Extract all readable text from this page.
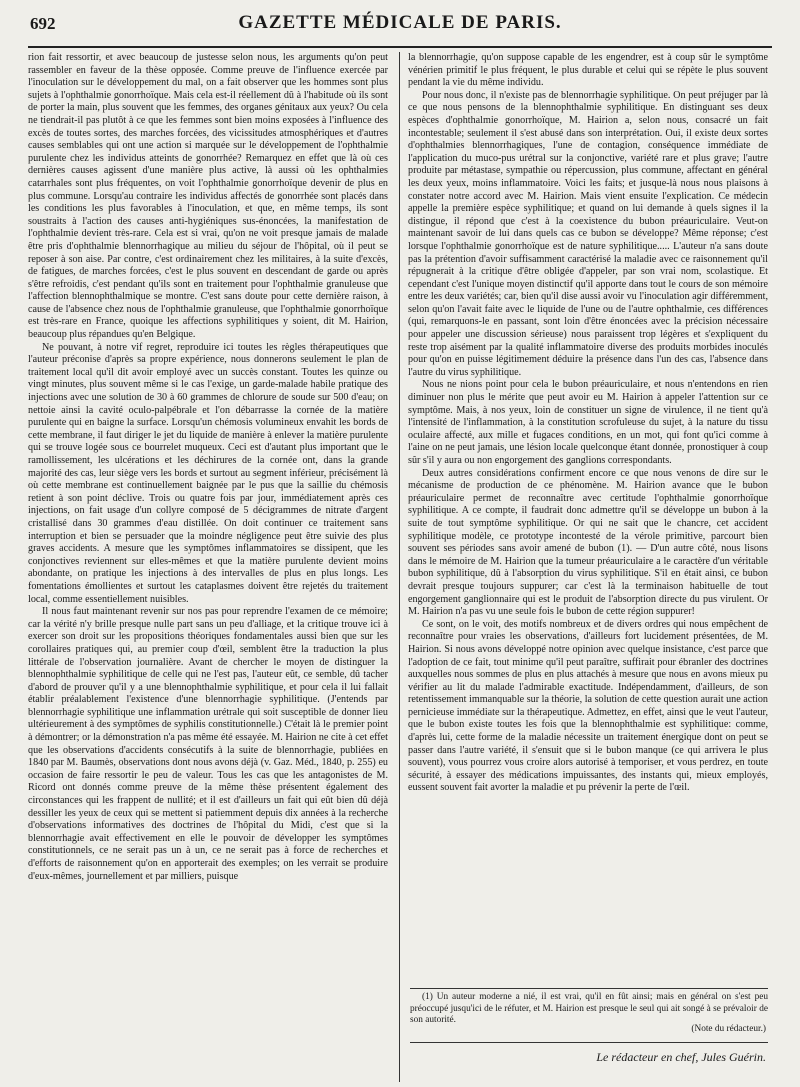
692	GAZETTE MÉDICALE DE PARIS.

rion fait ressortir, et avec beaucoup de justesse selon nous, les arguments qu'on peut rassembler en faveur de la thèse opposée. Comme preuve de l'influence exercée par l'inoculation sur le développement du mal, on a fait observer que les hommes sont plus sujets à l'ophthalmie gonorrhoïque. Mais cela est-il réellement dû à l'habitude où ils sont de porter la main, plus souvent que les femmes, des organes génitaux aux yeux? Ou cela ne tiendrait-il pas plutôt à ce que les femmes sont bien moins exposées à l'influence des excès de toutes sortes, des marches forcées, des vicissitudes atmosphériques et d'autres causes semblables qui ont une action si marquée sur le développement de l'ophthalmie purulente chez les individus atteints de gonorrhée? Remarquez en effet que là où ces dernières causes agissent d'une manière plus active, là aussi où les ophthalmies catarrhales sont plus fréquentes, on voit l'ophthalmie gonorrhoïque devenir de plus en plus commune. Lorsqu'au contraire les individus affectés de gonorrhée sont placés dans les conditions les plus favorables à l'inoculation, et que, en même temps, ils sont soustraits à l'action des causes anti-hygiéniques sus-énoncées, la manifestation de l'ophthalmie devient très-rare. Cela est si vrai, qu'on ne voit presque jamais de malade être pris d'ophthalmie blennorrhagique au milieu du séjour de l'hôpital, où il peut se reposer à son aise. Par contre, c'est ordinairement chez les militaires, à la suite d'excès, de fatigues, de marches forcées, c'est le plus souvent en descendant de garde ou après s'être refroidis, c'est pendant qu'ils sont en traitement pour l'ophthalmie granuleuse que l'affection blennophthalmique se montre. C'est sans doute pour cette dernière raison, à cause de l'absence chez nous de l'ophthalmie granuleuse, que l'ophthalmie gonorrhoïque est très-rare en France, quoique les affections syphilitiques y soient, dit M. Hairion, beaucoup plus répandues qu'en Belgique.

Ne pouvant, à notre vif regret, reproduire ici toutes les règles thérapeutiques que l'auteur préconise d'après sa propre expérience, nous donnerons seulement le plan de traitement local qu'il dit avoir employé avec un succès constant. Toutes les quinze ou vingt minutes, plus souvent même si le cas l'exige, un garde-malade habile pratique des injections avec une solution de 30 à 60 grammes de chlorure de soude sur 500 d'eau; on nettoie ainsi la cavité oculo-palpébrale et l'on débarrasse la cornée de la matière purulente qui en baigne la surface. Lorsqu'un chémosis volumineux envahit les bords de cette membrane, il faut diriger le jet du liquide de manière à enlever la matière purulente qui se trouve logée sous ce bourrelet muqueux. Ceci est d'autant plus important que le ramollissement, les ulcérations et les déchirures de la cornée ont, dans la grande majorité des cas, leur siège vers les bords et surtout au segment inférieur, précisément là où cette membrane est continuellement baignée par le pus que la saillie du chémosis retient à son point déclive. Trois ou quatre fois par jour, immédiatement après ces injections, on fait usage d'un collyre composé de 5 décigrammes de nitrate d'argent cristallisé dans 30 grammes d'eau distillée. On doit continuer ce traitement sans interruption et bien se persuader que la moindre négligence peut être suivie des plus graves accidents. A mesure que les symptômes inflammatoires se dissipent, que les conjonctives reviennent sur elles-mêmes et que la matière purulente devient moins abondante, on pratique les injections à des intervalles de plus en plus longs. Les fomentations émollientes et surtout les cataplasmes doivent être rejetés du traitement local, comme essentiellement nuisibles.

Il nous faut maintenant revenir sur nos pas pour reprendre l'examen de ce mémoire; car la vérité n'y brille presque nulle part sans un peu d'alliage, et la critique trouve ici à exercer son droit sur les propositions théoriques fondamentales aussi bien que sur les corollaires pratiques qui, au premier coup d'œil, semblent être la traduction la plus littérale de l'observation journalière. Avant de chercher le moyen de distinguer la blennophthalmie syphilitique de celle qui ne l'est pas, l'auteur eût, ce semble, dû tacher d'abord de prouver qu'il y a une blennophthalmie syphilitique, et pour cela il lui fallait établir préalablement l'existence d'une blennorrhagie syphilitique. (J'entends par blennorrhagie syphilitique une inflammation urétrale qui soit susceptible de donner lieu ultérieurement à des symptômes de syphilis constitutionnelle.) C'était là le premier point à démontrer; or la démonstration n'a pas même été essayée. M. Hairion ne cite à cet effet que les observations d'accidents consécutifs à la suite de blennorrhagie, publiées en 1840 par M. Baumès, observations dont nous avons déjà (v. Gaz. Méd., 1840, p. 255) eu occasion de faire ressortir le peu de valeur. Tous les cas que les antagonistes de M. Ricord ont donnés comme preuve de la même thèse présentent également des circonstances qui les frappent de nullité; et il est d'ailleurs un fait qui eût bien dû déjà dessiller les yeux de ceux qui se mettent si patiemment depuis dix années à la recherche d'observations informatives des doctrines de l'hôpital du Midi, c'est que si la blennorrhagie avait effectivement en elle le pouvoir de développer les symptômes constitutionnels, ce ne serait pas un à un, ce ne serait pas à force de recherches et d'efforts de raisonnement qu'on en apporterait des exemples; on les verrait se produire d'eux-mêmes, journellement et par milliers, puisque

la blennorrhagie, qu'on suppose capable de les engendrer, est à coup sûr le symptôme vénérien primitif le plus fréquent, le plus durable et celui qui se répète le plus souvent pendant la vie du même individu.

Pour nous donc, il n'existe pas de blennorrhagie syphilitique. On peut préjuger par là ce que nous pensons de la blennophthalmie syphilitique. En distinguant ses deux espèces d'ophthalmie gonorrhoïque, M. Hairion a, selon nous, consacré un fait incontestable; seulement il s'est abusé dans son interprétation. Oui, il existe deux sortes d'ophthalmies blennorrhagiques, l'une de contagion, conséquence immédiate de l'application du muco-pus urétral sur la conjonctive, variété rare et plus grave; l'autre produite par métastase, sympathie ou répercussion, plus commune, affectant en général les deux yeux, moins inflammatoire. Voici les faits; et jusque-là nous nous plaisons à constater notre accord avec M. Hairion. Mais vient ensuite l'explication. Ce médecin appelle la première espèce syphilitique; et quand on lui demande à quels signes il la distingue, il répond que c'est à la coexistence du bubon préauriculaire. Veut-on maintenant savoir de lui dans quels cas ce bubon se développe? Même réponse; c'est lorsque l'ophthalmie gonorrhoïque est de nature syphilitique..... L'auteur n'a sans doute pas la prétention d'avoir suffisamment caractérisé la maladie avec ce raisonnement qu'il répugnerait à la critique d'être obligée d'appeler, par son vrai nom, scolastique. Et cependant c'est l'unique moyen distinctif qu'il apporte dans tout le cours de son mémoire entre les deux variétés; car, bien qu'il dise aussi avoir vu l'inoculation agir différemment, selon qu'on l'avait faite avec le liquide de l'une ou de l'autre ophthalmie, ces différences (qui, remarquons-le en passant, sont loin d'être énoncées avec la précision nécessaire pour appeler une discussion sérieuse) nous paraissent trop légères et s'expliquent du reste trop aisément par la qualité inflammatoire diverse des produits morbides inoculés pour qu'on en puisse légitimement déduire la présence dans l'un des cas, l'absence dans l'autre du virus syphilitique.

Nous ne nions point pour cela le bubon préauriculaire, et nous n'entendons en rien diminuer non plus le mérite que peut avoir eu M. Hairion à appeler l'attention sur ce symptôme. Mais, à nos yeux, loin de constituer un signe de virulence, il ne tient qu'à l'intensité de l'inflammation, à la constitution scrofuleuse du sujet, à la nature du tissu oculaire affecté, aux mille et fugaces conditions, en un mot, qui font qu'ici comme à l'aine on ne peut jamais, une lésion locale quelconque étant donnée, pronostiquer à coup sûr s'il y aura ou non engorgement des ganglions correspondants.

Deux autres considérations confirment encore ce que nous venons de dire sur le mécanisme de production de ce phénomène. M. Hairion avance que le bubon préauriculaire permet de reconnaître avec certitude l'ophthalmie gonorrhoïque syphilitique. A ce compte, il faudrait donc admettre qu'il se développe un bubon à la suite de tout symptôme syphilitique. Or qui ne sait que le chancre, cet accident syphilitique modèle, ce prototype incontesté de la vérole primitive, parcourt bien souvent ses périodes sans avoir amené de bubon (1). — D'un autre côté, nous lisons dans le mémoire de M. Hairion que la tumeur préauriculaire a le caractère d'un véritable bubon syphilitique, dû à l'absorption du virus syphilitique. S'il en était ainsi, ce bubon devrait presque toujours suppurer; car c'est là la terminaison habituelle de tout engorgement ganglionnaire qui est le produit de l'absorption directe du pus virulent. Or M. Hairion n'a pas vu une seule fois le bubon de cette région suppurer!

Ce sont, on le voit, des motifs nombreux et de divers ordres qui nous empêchent de reconnaître pour vraies les observations, d'ailleurs fort lucidement présentées, de M. Hairion. Si nous avons développé notre opinion avec quelque insistance, c'est parce que l'adoption de ce fait, tout minime qu'il peut paraître, suffirait pour ébranler des doctrines auxquelles nous sommes de plus en plus attachés à mesure que nous en avons mieux pu vérifier au lit du malade l'admirable exactitude. Indépendamment, d'ailleurs, de son retentissement immanquable sur la théorie, la solution de cette question aurait une action pernicieuse immédiate sur la thérapeutique. Admettez, en effet, ainsi que le veut l'auteur, que le bubon existe toutes les fois que la blennophthalmie est syphilitique: comme, d'après lui, cette forme de la maladie nécessite un traitement énergique dont on peut se passer dans l'autre variété, il s'ensuit que si le bubon manque (ce qui arrivera le plus souvent), vous pourrez vous croire alors autorisé à temporiser, et vous perdrez, en toute sécurité, à essayer des médications impuissantes, des instants qui, mieux employés, eussent souvent fait avorter la maladie et pu prévenir la perte de l'œil.

(1) Un auteur moderne a nié, il est vrai, qu'il en fût ainsi; mais en général on s'est peu préoccupé jusqu'ici de le réfuter, et M. Hairion est presque le seul qui ait songé à se prévaloir de son autorité.

(Note du rédacteur.)
Le rédacteur en chef, Jules Guérin.
